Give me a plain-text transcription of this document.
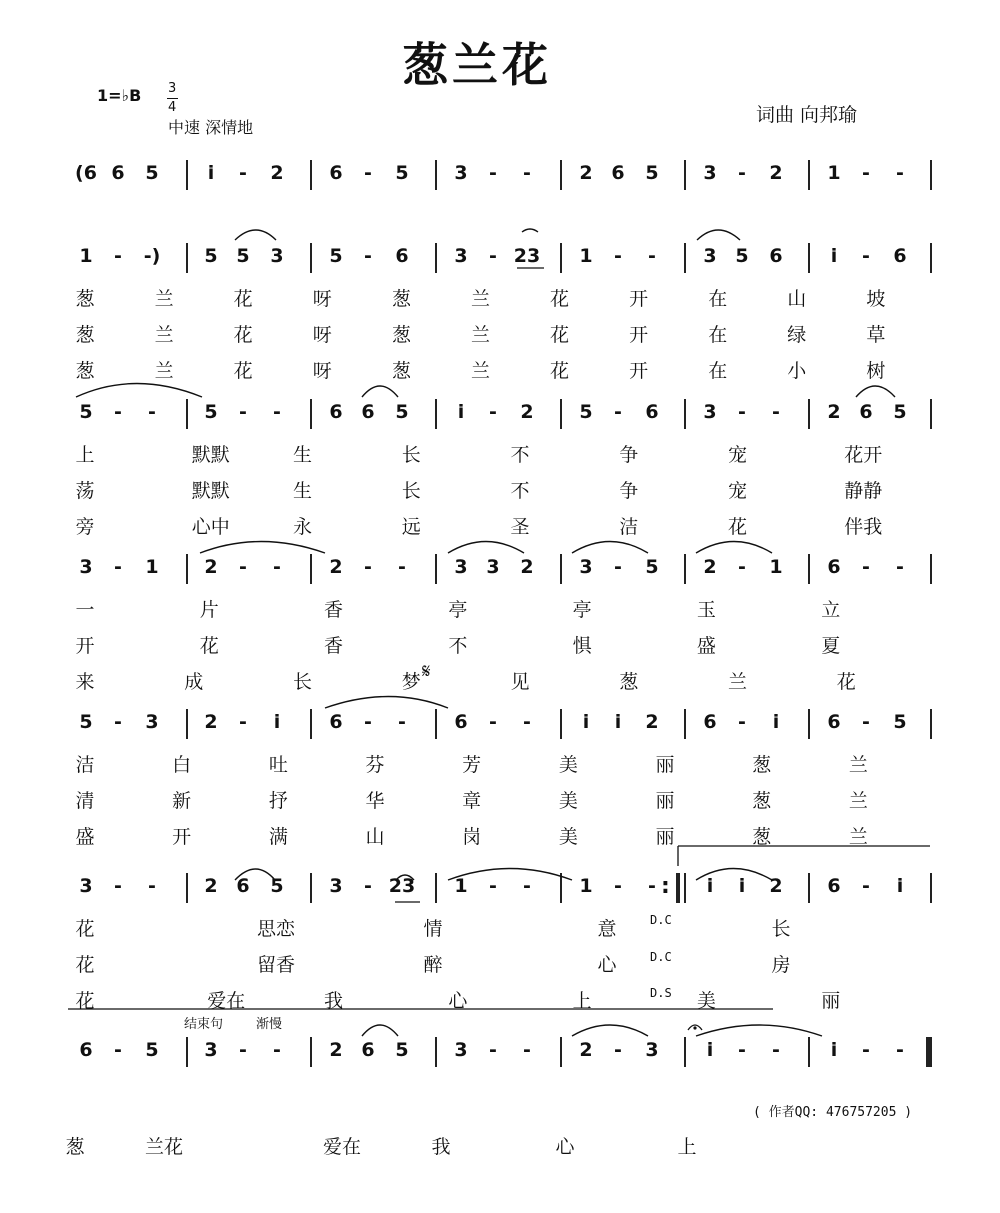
葱兰花
1=♭B 3
4
中速 深情地
词曲 向邦瑜
(6 6 5	i	-	2 6	-	5 3	-	-	2 6 5 3	-	2 1	-	-
1	-	-) 5 5 3 5	-	6 3	- 23 1	-	-	3 5 6	i	-	6
葱	兰	花	呀	葱	兰	花	开	在	山	坡
葱	兰	花	呀	葱	兰	花	开	在	绿	草
葱	兰	花	呀	葱	兰	花	开	在	小	树
5	-	-	5	-	-	6 6 5	i	-	2 5	-	6 3	-	-	2 6 5
上	默默	生	长	不	争	宠	花开
荡	默默	生	长	不	争	宠	静静
旁	心中	永	远	圣	洁	花	伴我
3	-	1 2	-	-	2	-	-	3 3 2 3	-	5 2	-	1 6	-	-
一	片	香	亭	亭	玉	立
开	花	香	不	惧	盛	夏
来	成	长	梦	见	葱	兰	花
5	-	3 2	-	i	6	-	-	6	-	-	i	i	2 6	-	i	6	-	5
洁	白	吐	芬	芳	美	丽	葱	兰
清	新	抒	华	章	美	丽	葱	兰
盛	开	满	山	岗	美	丽	葱	兰
3	-	-	2 6 5 3	- 23 1	-	-	1	-	-	i	i	2 6	-	i
花	思恋	情	意	长
花	留香	醉	心	房
花	爱在	我	心	上	美	丽
6	-	5 3	-	-	2 6 5 3	-	-	2	-	3	i	-	-	i	-	-
𝄋
D.C
D.C
D.S
结束句	渐慢
:
( 作者QQ: 476757205 )
葱	兰花	爱在	我	心	上
